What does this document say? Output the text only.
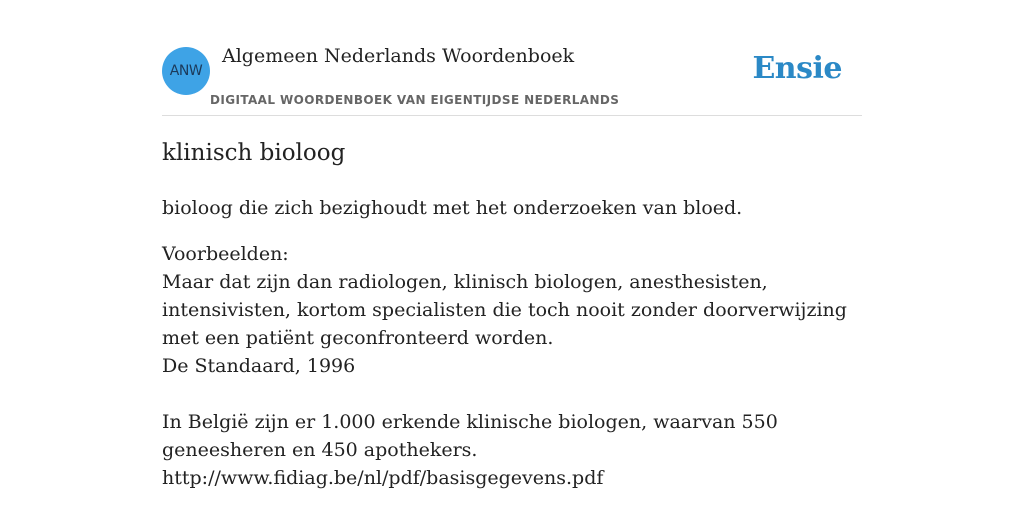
ANW
Algemeen Nederlands Woordenboek
DIGITAAL WOORDENBOEK VAN EIGENTIJDSE NEDERLANDS
Ensie
klinisch bioloog

bioloog die zich bezighoudt met het onderzoeken van bloed.

Voorbeelden:
Maar dat zijn dan radiologen, klinisch biologen, anesthesisten, intensivisten, kortom specialisten die toch nooit zonder doorverwijzing met een patiënt geconfronteerd worden.
De Standaard, 1996
In België zijn er 1.000 erkende klinische biologen, waarvan 550 geneesheren en 450 apothekers.
http://www.fidiag.be/nl/pdf/basisgegevens.pdf
